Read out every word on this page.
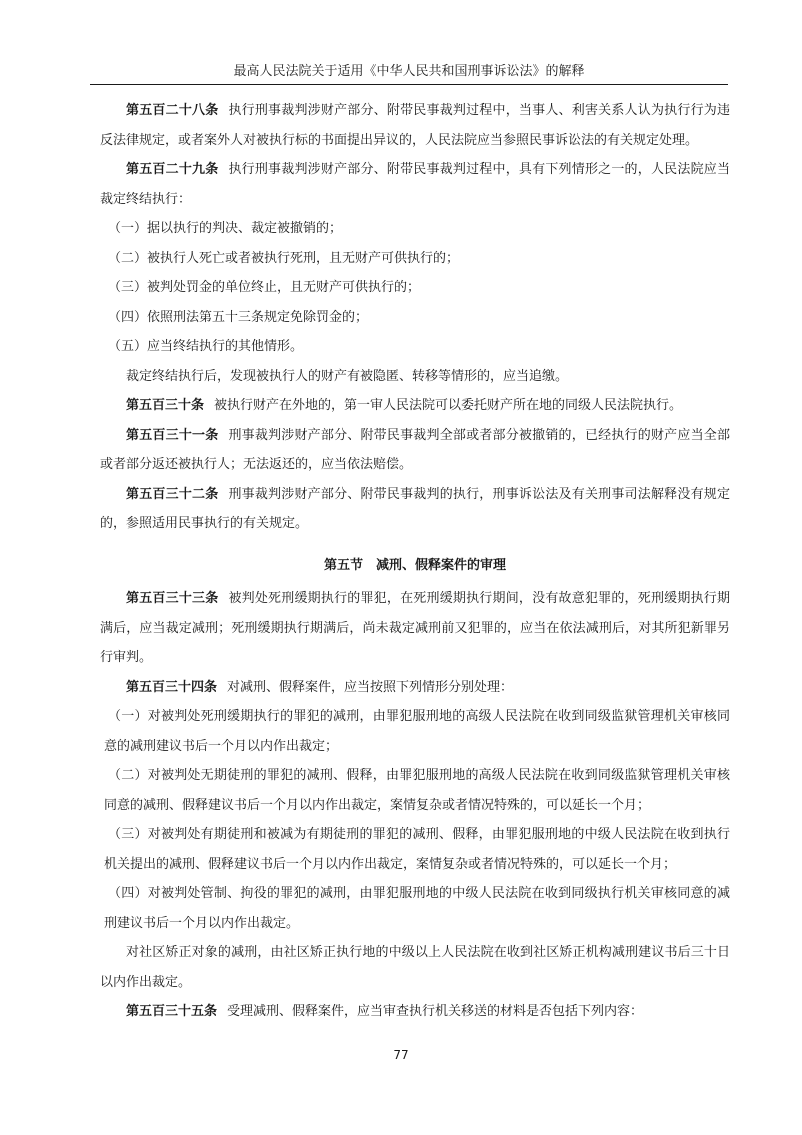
最高人民法院关于适用《中华人民共和国刑事诉讼法》的解释

第五百二十八条 执行刑事裁判涉财产部分、附带民事裁判过程中，当事人、利害关系人认为执行行为违反法律规定，或者案外人对被执行标的书面提出异议的，人民法院应当参照民事诉讼法的有关规定处理。

第五百二十九条 执行刑事裁判涉财产部分、附带民事裁判过程中，具有下列情形之一的，人民法院应当裁定终结执行：

（一）据以执行的判决、裁定被撤销的；

（二）被执行人死亡或者被执行死刑，且无财产可供执行的；

（三）被判处罚金的单位终止，且无财产可供执行的；

（四）依照刑法第五十三条规定免除罚金的；

（五）应当终结执行的其他情形。

裁定终结执行后，发现被执行人的财产有被隐匿、转移等情形的，应当追缴。

第五百三十条 被执行财产在外地的，第一审人民法院可以委托财产所在地的同级人民法院执行。

第五百三十一条 刑事裁判涉财产部分、附带民事裁判全部或者部分被撤销的，已经执行的财产应当全部或者部分返还被执行人；无法返还的，应当依法赔偿。

第五百三十二条 刑事裁判涉财产部分、附带民事裁判的执行，刑事诉讼法及有关刑事司法解释没有规定的，参照适用民事执行的有关规定。

第五节　减刑、假释案件的审理

第五百三十三条 被判处死刑缓期执行的罪犯，在死刑缓期执行期间，没有故意犯罪的，死刑缓期执行期满后，应当裁定减刑；死刑缓期执行期满后，尚未裁定减刑前又犯罪的，应当在依法减刑后，对其所犯新罪另行审判。

第五百三十四条 对减刑、假释案件，应当按照下列情形分别处理：

（一）对被判处死刑缓期执行的罪犯的减刑，由罪犯服刑地的高级人民法院在收到同级监狱管理机关审核同意的减刑建议书后一个月以内作出裁定；

（二）对被判处无期徒刑的罪犯的减刑、假释，由罪犯服刑地的高级人民法院在收到同级监狱管理机关审核同意的减刑、假释建议书后一个月以内作出裁定，案情复杂或者情况特殊的，可以延长一个月；

（三）对被判处有期徒刑和被减为有期徒刑的罪犯的减刑、假释，由罪犯服刑地的中级人民法院在收到执行机关提出的减刑、假释建议书后一个月以内作出裁定，案情复杂或者情况特殊的，可以延长一个月；

（四）对被判处管制、拘役的罪犯的减刑，由罪犯服刑地的中级人民法院在收到同级执行机关审核同意的减刑建议书后一个月以内作出裁定。

对社区矫正对象的减刑，由社区矫正执行地的中级以上人民法院在收到社区矫正机构减刑建议书后三十日以内作出裁定。

第五百三十五条 受理减刑、假释案件，应当审查执行机关移送的材料是否包括下列内容：

77
